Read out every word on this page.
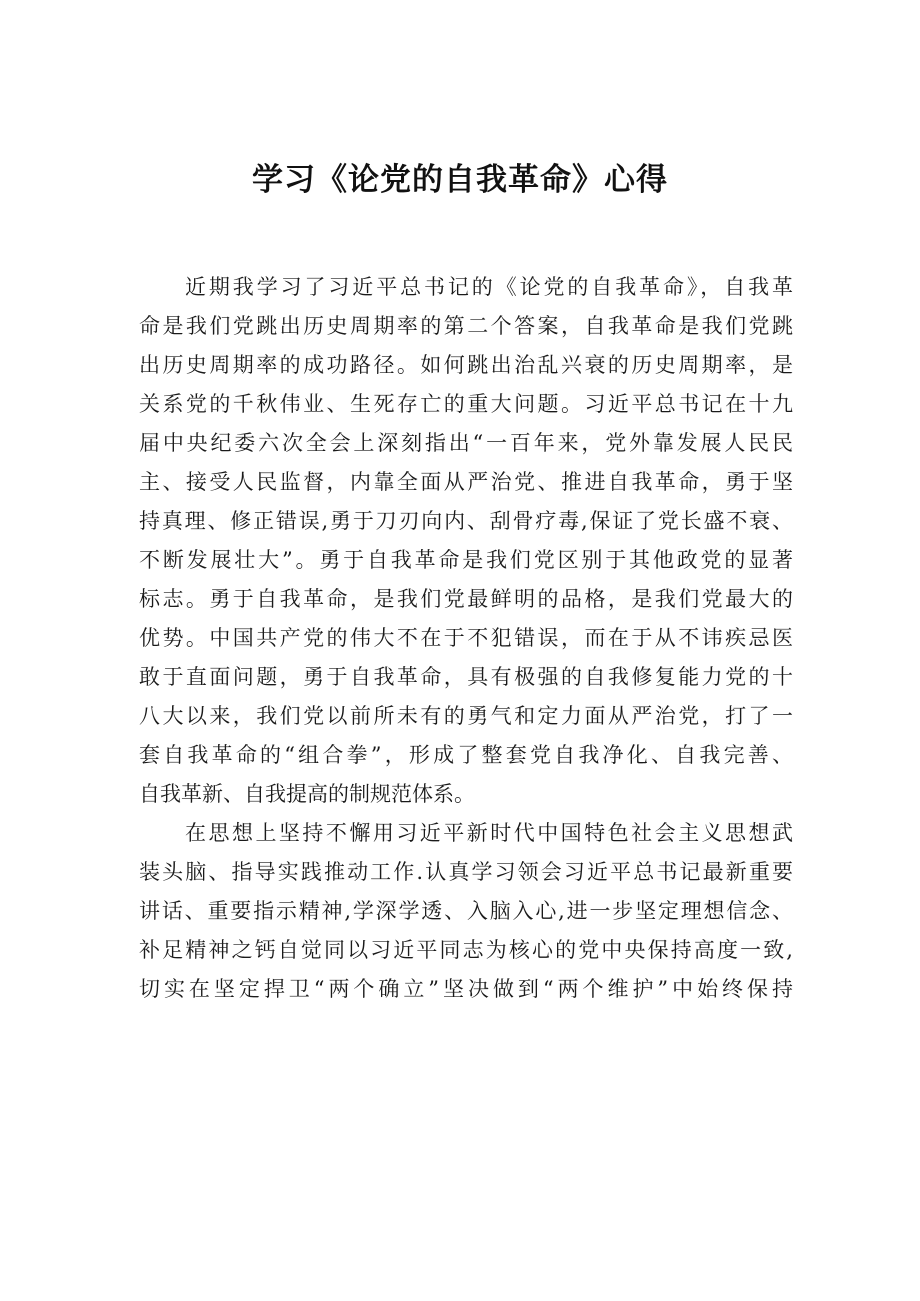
学习《论党的自我革命》心得
近期我学习了习近平总书记的《论党的自我革命》，自我革
命是我们党跳出历史周期率的第二个答案，自我革命是我们党跳
出历史周期率的成功路径。如何跳出治乱兴衰的历史周期率，是
关系党的千秋伟业、生死存亡的重大问题。习近平总书记在十九
届中央纪委六次全会上深刻指出“一百年来，党外靠发展人民民
主、接受人民监督，内靠全面从严治党、推进自我革命，勇于坚
持真理、修正错误,勇于刀刃向内、刮骨疗毒,保证了党长盛不衰、
不断发展壮大”。勇于自我革命是我们党区别于其他政党的显著
标志。勇于自我革命，是我们党最鲜明的品格，是我们党最大的
优势。中国共产党的伟大不在于不犯错误，而在于从不讳疾忌医
敢于直面问题，勇于自我革命，具有极强的自我修复能力党的十
八大以来，我们党以前所未有的勇气和定力面从严治党，打了一
套自我革命的“组合拳”，形成了整套党自我净化、自我完善、
自我革新、自我提高的制规范体系。
在思想上坚持不懈用习近平新时代中国特色社会主义思想武
装头脑、指导实践推动工作.认真学习领会习近平总书记最新重要
讲话、重要指示精神,学深学透、入脑入心,进一步坚定理想信念、
补足精神之钙自觉同以习近平同志为核心的党中央保持高度一致,
切实在坚定捍卫“两个确立”坚决做到“两个维护”中始终保持
